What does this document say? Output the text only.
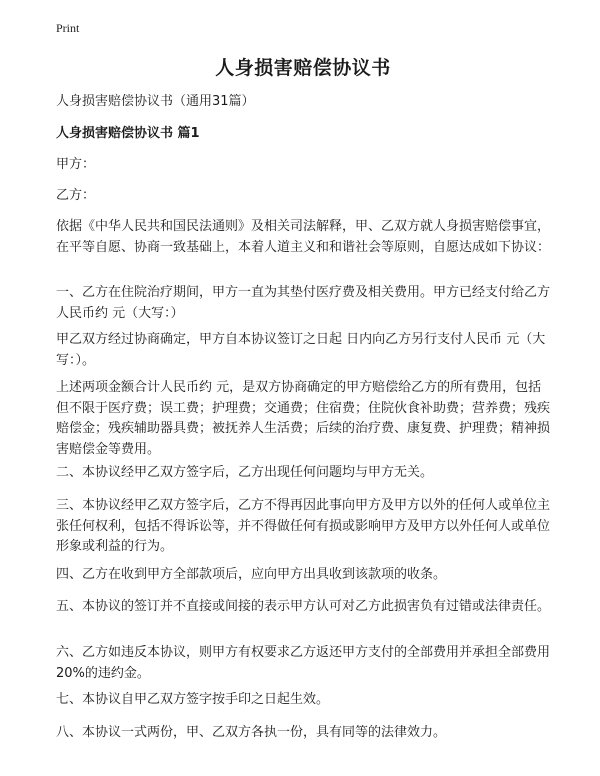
Print
人身损害赔偿协议书
人身损害赔偿协议书（通用31篇）
人身损害赔偿协议书 篇1
甲方：
乙方：
依据《中华人民共和国民法通则》及相关司法解释，甲、乙双方就人身损害赔偿事宜，在平等自愿、协商一致基础上，本着人道主义和和谐社会等原则，自愿达成如下协议：
一、乙方在住院治疗期间，甲方一直为其垫付医疗费及相关费用。甲方已经支付给乙方人民币约 元（大写：）
甲乙双方经过协商确定，甲方自本协议签订之日起 日内向乙方另行支付人民币 元（大写：）。
上述两项金额合计人民币约 元，是双方协商确定的甲方赔偿给乙方的所有费用，包括但不限于医疗费；误工费；护理费；交通费；住宿费；住院伙食补助费；营养费；残疾赔偿金；残疾辅助器具费；被抚养人生活费；后续的治疗费、康复费、护理费；精神损害赔偿金等费用。
二、本协议经甲乙双方签字后，乙方出现任何问题均与甲方无关。
三、本协议经甲乙双方签字后，乙方不得再因此事向甲方及甲方以外的任何人或单位主张任何权利，包括不得诉讼等，并不得做任何有损或影响甲方及甲方以外任何人或单位形象或利益的行为。
四、乙方在收到甲方全部款项后，应向甲方出具收到该款项的收条。
五、本协议的签订并不直接或间接的表示甲方认可对乙方此损害负有过错或法律责任。
六、乙方如违反本协议，则甲方有权要求乙方返还甲方支付的全部费用并承担全部费用20%的违约金。
七、本协议自甲乙双方签字按手印之日起生效。
八、本协议一式两份，甲、乙双方各执一份，具有同等的法律效力。
